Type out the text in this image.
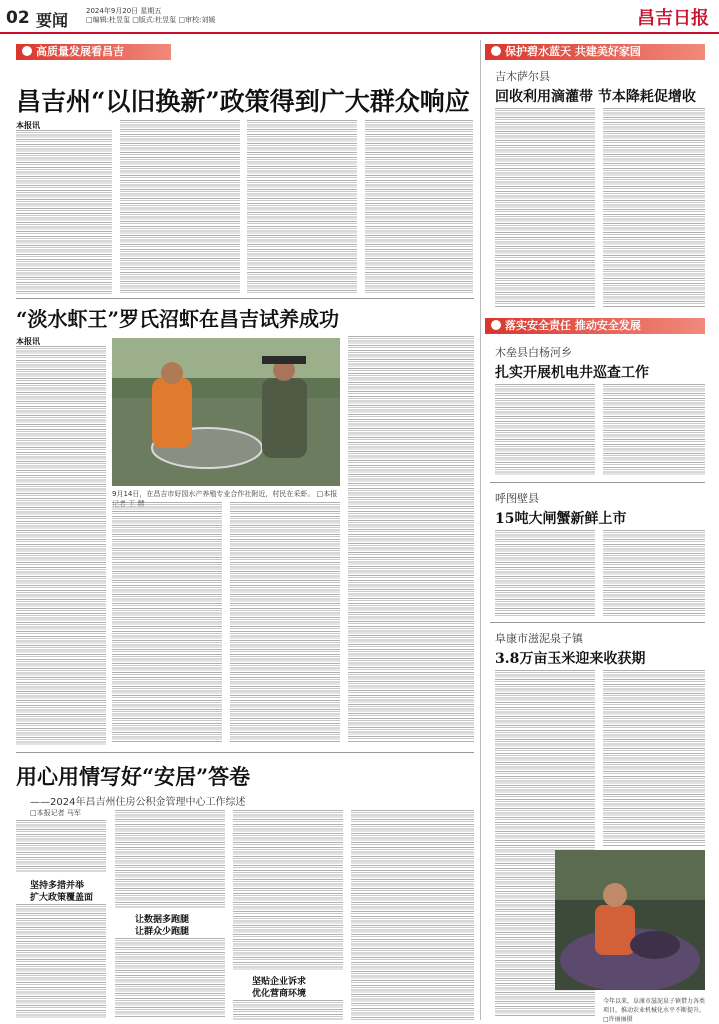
02 要闻	2024年9月20日 星期五
□编辑:杜昱玺 □版式:杜昱玺 □审校:刘媛	昌吉日报
高质量发展看昌吉	保护碧水蓝天 共建美好家园
落实安全责任 推动安全发展
昌吉州“以旧换新”政策得到广大群众响应
本报讯
“淡水虾王”罗氏沼虾在昌吉试养成功
本报讯
9月14日，在昌吉市好园水产养殖专业合作社附近，村民在采虾。 □本报
用心用情写好“安居”答卷
——2024年昌吉州住房公积金管理中心工作综述
□本报记者 马军
坚持多措并举
扩大政策覆盖面
让数据多跑腿
让群众少跑腿
坚贴企业诉求
优化营商环境
吉木萨尔县
回收利用滴灌带 节本降耗促增收
木垒县白杨河乡
扎实开展机电井巡查工作
呼图壁县
15吨大闸蟹新鲜上市
阜康市滋泥泉子镇
3.8万亩玉米迎来收获期
今年以来，阜康市滋泥泉子镇借力各类项目，推动农业机械化水平不断提升。 □许丽丽摄
